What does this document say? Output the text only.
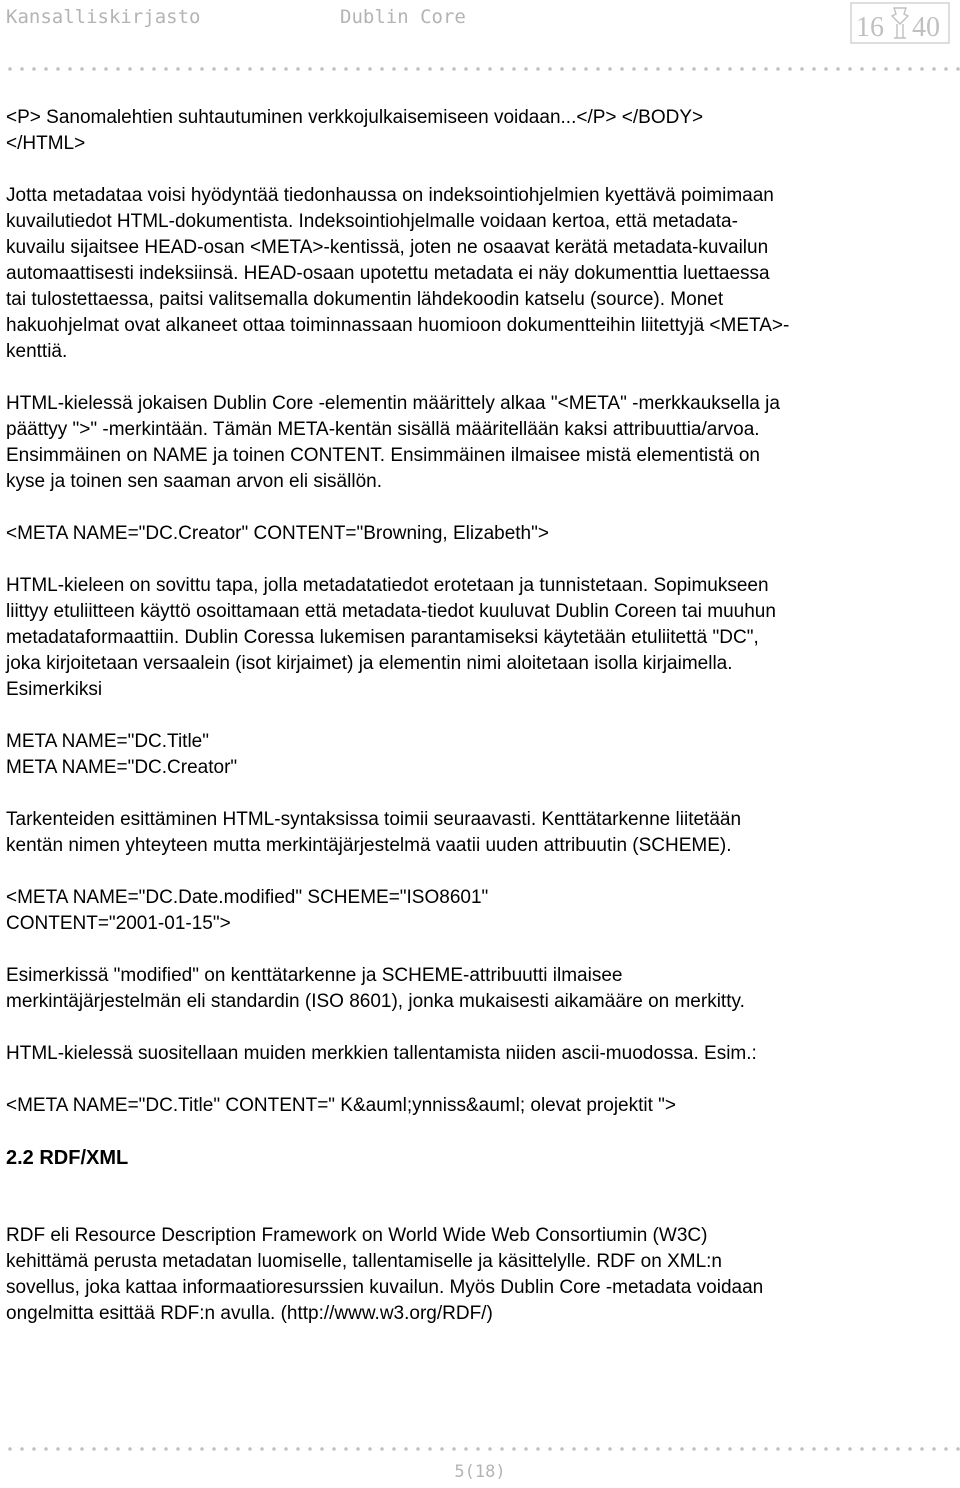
Kansalliskirjasto	Dublin Core	16 40

<P> Sanomalehtien suhtautuminen verkkojulkaisemiseen voidaan...</P> </BODY>
</HTML>

Jotta metadataa voisi hyödyntää tiedonhaussa on indeksointiohjelmien kyettävä poimimaan
kuvailutiedot HTML-dokumentista. Indeksointiohjelmalle voidaan kertoa, että metadata-
kuvailu sijaitsee HEAD-osan <META>-kentissä, joten ne osaavat kerätä metadata-kuvailun
automaattisesti indeksiinsä. HEAD-osaan upotettu metadata ei näy dokumenttia luettaessa
tai tulostettaessa, paitsi valitsemalla dokumentin lähdekoodin katselu (source). Monet
hakuohjelmat ovat alkaneet ottaa toiminnassaan huomioon dokumentteihin liitettyjä <META>-
kenttiä.

HTML-kielessä jokaisen Dublin Core -elementin määrittely alkaa "<META" -merkkauksella ja
päättyy ">" -merkintään. Tämän META-kentän sisällä määritellään kaksi attribuuttia/arvoa.
Ensimmäinen on NAME ja toinen CONTENT. Ensimmäinen ilmaisee mistä elementistä on
kyse ja toinen sen saaman arvon eli sisällön.

<META NAME="DC.Creator" CONTENT="Browning, Elizabeth">

HTML-kieleen on sovittu tapa, jolla metadatatiedot erotetaan ja tunnistetaan. Sopimukseen
liittyy etuliitteen käyttö osoittamaan että metadata-tiedot kuuluvat Dublin Coreen tai muuhun
metadataformaattiin. Dublin Coressa lukemisen parantamiseksi käytetään etuliitettä "DC",
joka kirjoitetaan versaalein (isot kirjaimet) ja elementin nimi aloitetaan isolla kirjaimella.
Esimerkiksi

META NAME="DC.Title"
META NAME="DC.Creator"

Tarkenteiden esittäminen HTML-syntaksissa toimii seuraavasti. Kenttätarkenne liitetään
kentän nimen yhteyteen mutta merkintäjärjestelmä vaatii uuden attribuutin (SCHEME).

<META NAME="DC.Date.modified" SCHEME="ISO8601"
CONTENT="2001-01-15">

Esimerkissä "modified" on kenttätarkenne ja SCHEME-attribuutti ilmaisee
merkintäjärjestelmän eli standardin (ISO 8601), jonka mukaisesti aikamääre on merkitty.

HTML-kielessä suositellaan muiden merkkien tallentamista niiden ascii-muodossa. Esim.:

<META NAME="DC.Title" CONTENT=" K&auml;ynniss&auml; olevat projektit ">

2.2 RDF/XML

RDF eli Resource Description Framework on World Wide Web Consortiumin (W3C)
kehittämä perusta metadatan luomiselle, tallentamiselle ja käsittelylle. RDF on XML:n
sovellus, joka kattaa informaatioresurssien kuvailun. Myös Dublin Core -metadata voidaan
ongelmitta esittää RDF:n avulla. (http://www.w3.org/RDF/)

5(18)
